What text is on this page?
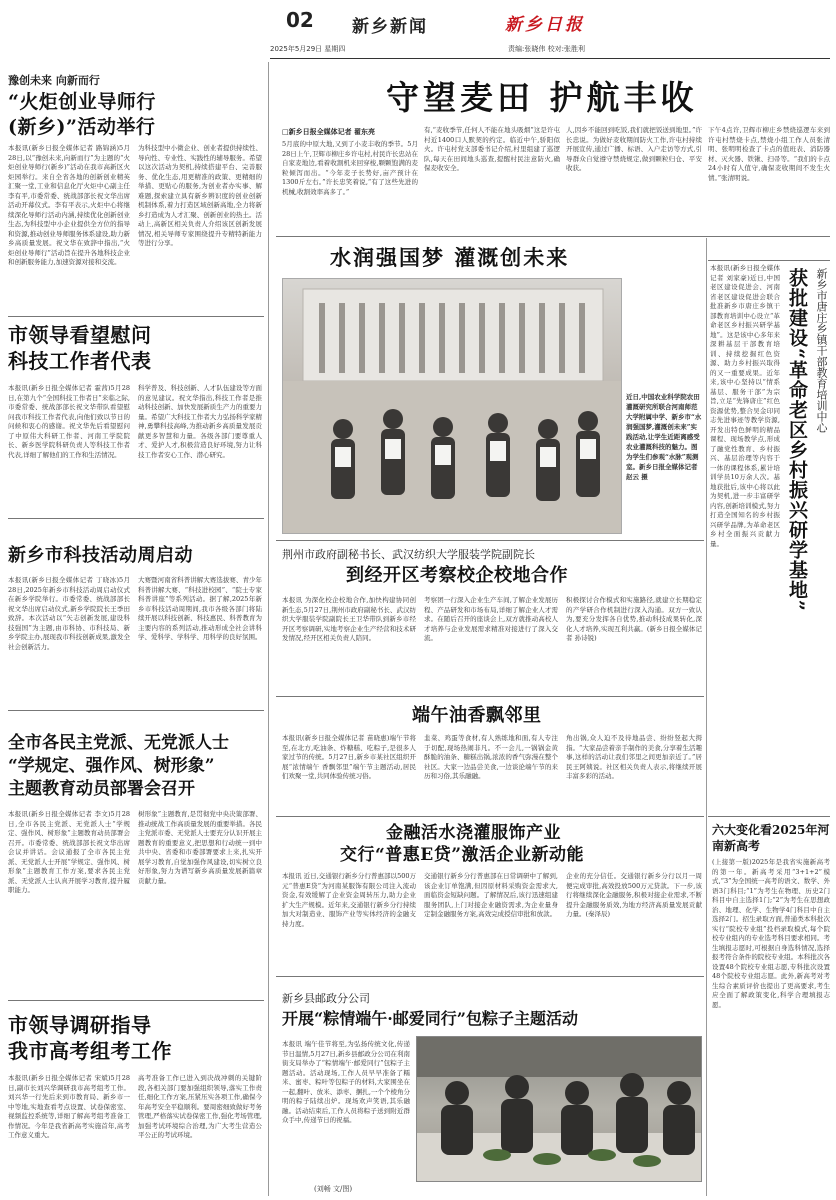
02
2025年5月29日 星期四
新乡新闻	新乡日报
责编:张晓伟 校对:张胜利
豫创未来 向新而行
“火炬创业导师行
(新乡)”活动举行
本报讯(新乡日报全媒体记者 路锦涵)5月28日,以“豫创未来,向新而行”为主题的“火炬创业导师行(新乡)”活动在我市高新区火炬园举行。来自全省各地的创新创业精英汇聚一堂,工业和信息化厅火炬中心副主任李有平,市委常委、统战部部长祝文华出席活动开幕仪式。李有平表示,火炬中心将继续深化导师行活动内涵,持续优化创新创业生态,为科技型中小企业提供全方位的指导和资源,推动创业导师服务体系建设,助力新乡高质量发展。祝文华在致辞中指出,“火炬创业导师行”活动旨在提升各地科技企业和创新服务能力,加速资源对接和交流。
为科技型中小微企业、创业者提供持续性、导向性、专业性、实践性的辅导服务。希望以这次活动为契机,持续搭建平台、完善服务、优化生态,用更精准的政策、更精细的举措、更贴心的服务,为创业者办实事、解难题,探索建立具有新乡辨识度的创业创新机制体系,着力打造区域创新高地,全力将新乡打造成为人才汇聚、创新创业的热土。活动上,高新区相关负责人介绍该区创新发展情况,相关导师专家围绕提升专精特新能力等进行分享。
市领导看望慰问
科技工作者代表
本报讯(新乡日报全媒体记者 霍茜)5月28日,在第九个“全国科技工作者日”来临之际,市委常委、统战部部长祝文华带队看望慰问我市科技工作者代表,向他们致以节日的问候和衷心的感谢。祝文华先后看望慰问了中原伟大科研工作者、河南工学院院长、新乡医学院科研负责人等科技工作者代表,详细了解他们的工作和生活情况。
科学普及、科技创新、人才队伍建设等方面的意见建议。祝文华指出,科技工作者是推动科技创新、加快发展新质生产力的重要力量。希望广大科技工作者大力弘扬科学家精神,勇攀科技高峰,为推动新乡高质量发展贡献更多智慧和力量。各级各部门要尊重人才、爱护人才,积极营造良好环境,努力让科技工作者安心工作、潜心研究。
新乡市科技活动周启动
本报讯(新乡日报全媒体记者 丁晓冰)5月28日,2025年新乡市科技活动周启动仪式在新乡学院举行。市委常委、统战部部长祝文华出席启动仪式,新乡学院院长王季田致辞。本次活动以“矢志创新发展,建设科技强国”为主题,由市科协、市科技局、新乡学院主办,展现我市科技创新成果,激发全社会创新活力。
大赛暨河南省科普讲解大赛选拔赛、青少年科普讲解大赛、“科技进校园”、“院士专家科普讲座”等系列活动。据了解,2025年新乡市科技活动周期间,我市各级各部门将陆续开展以科技创新、科技惠民、科普教育为主要内容的系列活动,推动形成全社会讲科学、爱科学、学科学、用科学的良好氛围。
全市各民主党派、无党派人士
“学规定、强作风、树形象”
主题教育动员部署会召开
本报讯(新乡日报全媒体记者 李文)5月28日,全市各民主党派、无党派人士“学规定、强作风、树形象”主题教育动员部署会召开。市委常委、统战部部长祝文华出席会议并讲话。会议通报了全市各民主党派、无党派人士开展“学规定、强作风、树形象”主题教育工作方案,要求各民主党派、无党派人士认真开展学习教育,提升履职能力。
树形象”主题教育,是贯彻党中央决策部署、推动统战工作高质量发展的重要举措。各民主党派市委、无党派人士要充分认识开展主题教育的重要意义,把思想和行动统一到中共中央、省委和市委部署要求上来,扎实开展学习教育,自觉加强作风建设,切实树立良好形象,努力为谱写新乡高质量发展新篇章贡献力量。
市领导调研指导
我市高考组考工作
本报讯(新乡日报全媒体记者 宋斌)5月28日,副市长刘兴华调研我市高考组考工作。刘兴华一行先后来到市教育局、新乡市一中等地,实地查看考点设置、试卷保密室、视频监控系统等,详细了解高考组考准备工作情况。今年是我省新高考实施首年,高考工作意义重大。
高考准备工作已进入到决战冲刺的关键阶段,各相关部门要加强组织领导,落实工作责任,细化工作方案,压紧压实各项工作,确保今年高考安全平稳顺利。要周密细致做好考务管理,严格落实试卷保密工作,强化考场管理,加强考试环境综合治理,为广大考生营造公平公正的考试环境。
守望麦田 护航丰收
□新乡日报全媒体记者 翟东亮
5月底的中原大地,又到了小麦丰收的季节。5月28日上午,卫辉市柳庄乡许屯村,村民许长忠站在自家麦地边,看着收割机来回穿梭,颗颗饱满的麦粒倾泻而出。“今年麦子长势好,亩产预计在1300斤左右。”许长忠笑着说,“有了这些先进的机械,收割效率高多了。”
有,“麦收季节,任何人不能在地头吸烟”这是许屯村近1400口人默契的约定。临近中午,骄阳似火。许屯村党支部委书记介绍,村里组建了巡逻队,每天在田间地头巡查,提醒村民注意防火,确保麦收安全。
人,因乡不能回到吃饭,我们就把饭送到地里。”许长忠说。为做好麦收期间防火工作,许屯村持续开展宣传,通过广播、标语、入户走访等方式,引导群众自觉遵守禁烧规定,做到颗粒归仓、平安收获。
下午4点许,卫辉市柳庄乡禁烧巡逻车来到许屯村禁烧卡点,禁烧小组工作人员张清明、张明明检查了卡点的值班表、消防器材、灭火器、铁锹、扫帚等。“我们的卡点24小时有人值守,确保麦收期间不发生火情。”张清明说。
水润强国梦 灌溉创未来
近日,中国农业科学院农田灌溉研究所联合河南师范大学附属中学、新乡市“水润强国梦,灌溉创未来”实践活动,让学生近距离感受农业灌溉科技的魅力。图为学生们参观“水脉”观测室。新乡日报全媒体记者 赵云 摄
荆州市政府副秘书长、武汉纺织大学服装学院副院长
到经开区考察校企校地合作
本报讯 为深化校企校地合作,加快构建协同创新生态,5月27日,荆州市政府副秘书长、武汉纺织大学服装学院副院长王卫华带队到新乡市经开区考察调研,实地考察企业生产经营和技术研发情况,经开区相关负责人陪同。
考察团一行深入企业生产车间,了解企业发展历程、产品研发和市场布局,详细了解企业人才需求。在随后召开的座谈会上,双方就推动高校人才培养与企业发展需求精准对接进行了深入交流。
积极探讨合作模式和实施路径,就建立长期稳定的产学研合作机制进行深入沟通。双方一致认为,要充分发挥各自优势,推动科技成果转化,深化人才培养,实现互利共赢。(新乡日报全媒体记者 孙诗锐)
端午油香飘邻里
本报讯(新乡日报全媒体记者 苗晓惠)端午节将至,在北方,吃油条、炸糖糕、吃粽子,是很多人家过节的传统。5月27日,新乡市某社区组织开展“浓情端午 香飘邻里”端午节主题活动,居民们欢聚一堂,共同体验传统习俗。
韭菜、鸡蛋等食材,有人熟练地和面,有人专注于切配,现场热闹非凡。不一会儿,一锅锅金黄酥脆的油条、糖糕出锅,浓浓的香气弥漫在整个社区。大家一边品尝美食,一边谈论端午节的来历和习俗,其乐融融。
角出锅,众人迫不及待地品尝、纷纷竖起大拇指。“大家品尝着亲手制作的美食,分享着生活趣事,这样的活动让我们邻里之间更加亲近了。”居民王阿姨说。社区相关负责人表示,将继续开展丰富多彩的活动。
金融活水浇灌服饰产业
交行“普惠E贷”激活企业新动能
本报讯 近日,交通银行新乡分行普惠部以500万元“普惠E贷”为河南某服饰有限公司注入流动资金,有效缓解了企业资金周转压力,助力企业扩大生产规模。近年来,交通银行新乡分行持续加大对制造业、服饰产业等实体经济的金融支持力度。
交通银行新乡分行普惠部在日常调研中了解到,该企业订单饱满,但因原材料采购资金需求大,面临资金短缺问题。了解情况后,该行迅速组建服务团队,上门对接企业融资需求,为企业量身定制金融服务方案,高效完成授信审批和放款。
企业的充分信任。交通银行新乡分行以月一周便完成审批,高效投放500万元贷款。下一步,该行将继续深化金融服务,积极对接企业需求,不断提升金融服务质效,为地方经济高质量发展贡献力量。(秦泽辰)
新乡县邮政分公司
开展“粽情端午·邮爱同行”包粽子主题活动
本报讯 端午佳节将至,为弘扬传统文化,传递节日温情,5月27日,新乡县邮政分公司在利南街支局举办了“粽情端午·邮爱同行”包粽子主题活动。活动现场,工作人员早早准备了糯米、蜜枣、粽叶等包粽子的材料,大家围坐在一起,翻叶、放米、添枣、捆扎,一个个棱角分明的粽子陆续出炉。现场欢声笑语,其乐融融。活动结束后,工作人员将粽子送到附近群众手中,传递节日的祝福。
(刘畅 文/图)
新乡市唐庄乡镇干部教育培训中心
获批建设“革命老区乡村振兴研学基地”
本报讯(新乡日报全媒体记者 刘家豪)近日,中国老区建设促进会、河南省老区建设促进会联合批准新乡市唐庄乡镇干部教育培训中心设立“革命老区乡村振兴研学基地”。这是该中心多年来深耕基层干部教育培训、持续挖掘红色资源、助力乡村振兴取得的又一重要成果。近年来,该中心坚持以“情系基层、服务干部”为宗旨,立足“先锋唐庄”红色资源优势,整合吴金印同志先进事迹等教学资源,开发出特色鲜明的精品课程、现场教学点,形成了融党性教育、乡村振兴、基层治理等内容于一体的课程体系,累计培训学员10万余人次。基地获批后,该中心将以此为契机,进一步丰富研学内容,创新培训模式,努力打造全国知名的乡村振兴研学品牌,为革命老区乡村全面振兴贡献力量。
六大变化看2025年河南新高考
(上接第一版)2025年是我省实施新高考的第一年。新高考采用“3+1+2”模式,“3”为全国统一高考的语文、数学、外语3门科目;“1”为考生在物理、历史2门科目中自主选择1门;“2”为考生在思想政治、地理、化学、生物学4门科目中自主选择2门。招生录取方面,普通类本科批次实行“院校专业组”投档录取模式,每个院校专业组内的专业选考科目要求相同。考生填报志愿时,可根据自身选科情况,选择报考符合条件的院校专业组。本科批次各设置48个院校专业组志愿,专科批次设置48个院校专业组志愿。此外,新高考对考生综合素质评价也提出了更高要求,考生应全面了解政策变化,科学合理填报志愿。
